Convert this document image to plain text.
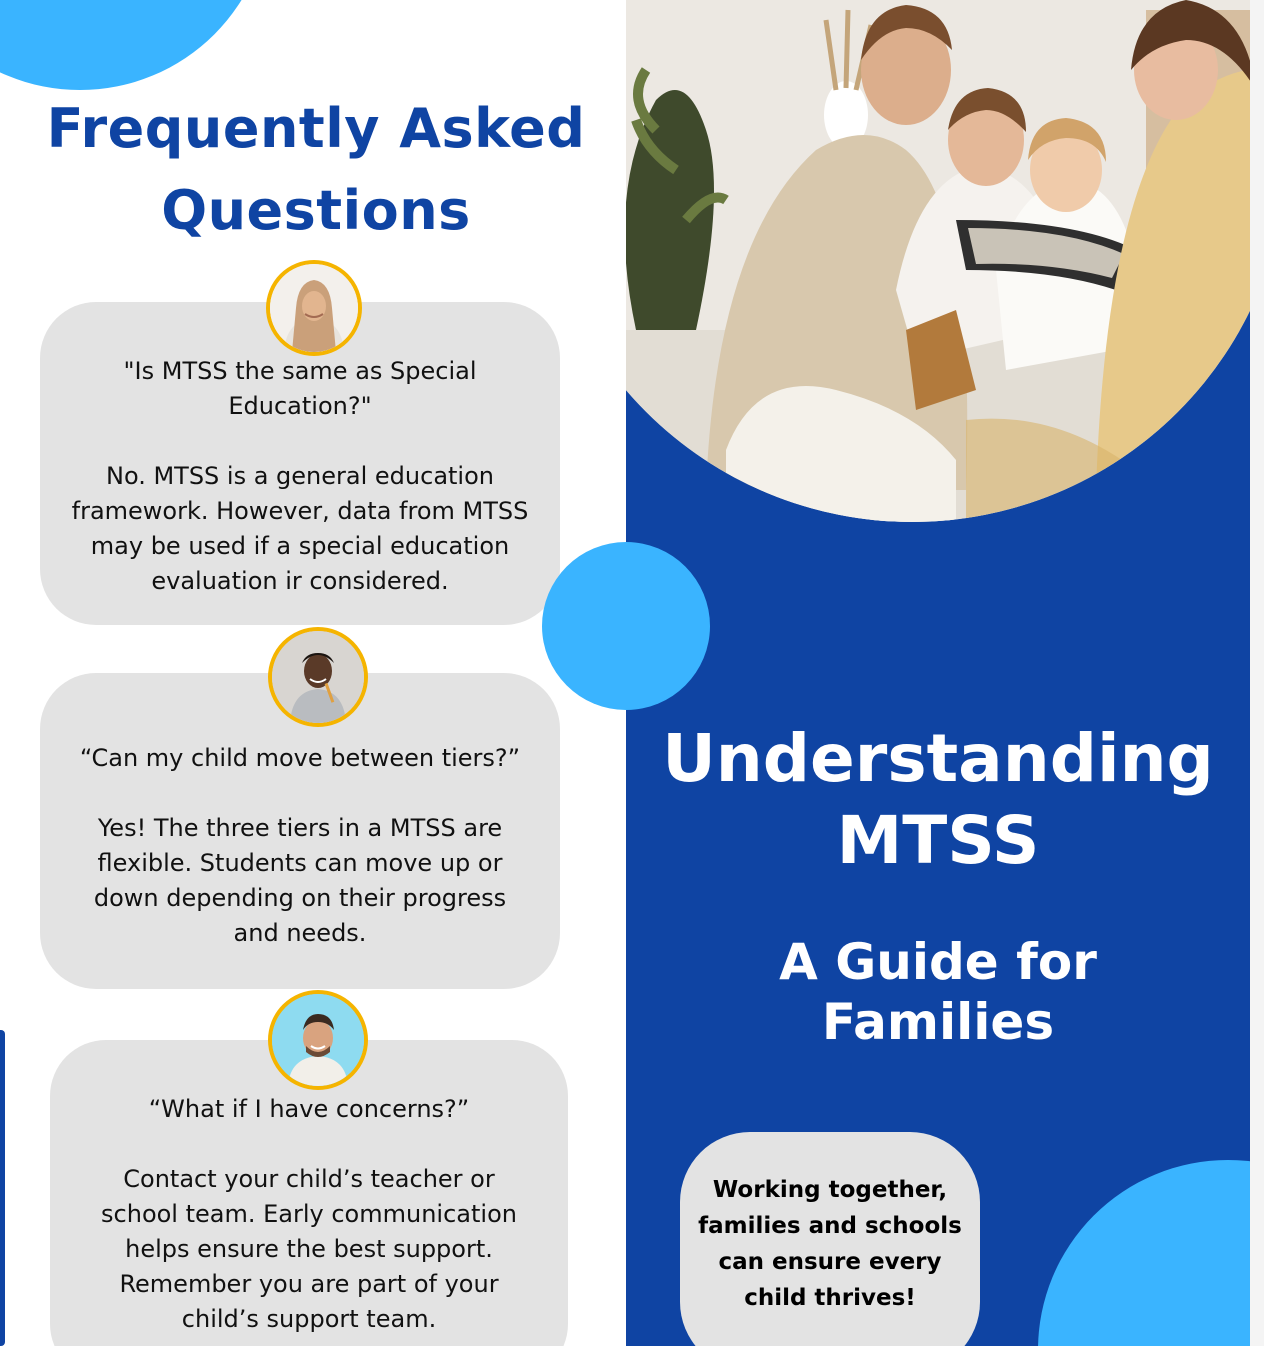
Frequently Asked
Questions

"Is MTSS the same as Special
Education?"

No. MTSS is a general education
framework. However, data from MTSS
may be used if a special education
evaluation ir considered.

“Can my child move between tiers?”

Yes! The three tiers in a MTSS are
flexible. Students can move up or
down depending on their progress
and needs.

“What if I have concerns?”

Contact your child’s teacher or
school team. Early communication
helps ensure the best support.
Remember you are part of your
child’s support team.

Understanding
MTSS
A Guide for
Families
Working together,
families and schools
can ensure every
child thrives!
